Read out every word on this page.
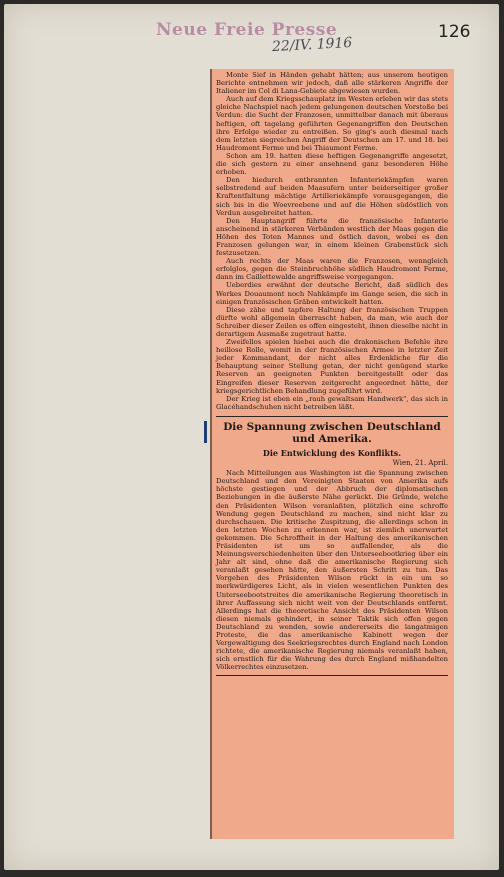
Neue Freie Presse	126
22/IV. 1916

Monte Sief in Händen gehabt hätten; aus unserem heutigen Berichte entnehmen wir jedoch, daß alle stärkeren Angriffe der Italiener im Col di Lana-Gebiete abgewiesen wurden.

Auch auf dem Kriegsschauplatz im Westen erleben wir das stets gleiche Nachspiel nach jedem gelungenen deutschen Vorstoße bei Verdun: die Sucht der Franzosen, unmittelbar danach mit überaus heftigen, oft tagelang geführten Gegenangriffen den Deutschen ihre Erfolge wieder zu entreißen. So ging's auch diesmal nach dem letzten siegreichen Angriff der Deutschen am 17. und 18. bei Haudromont Ferme und bei Thiaumont Ferme.

Schon am 19. hatten diese heftigen Gegenangriffe angesetzt, die sich gestern zu einer ansehnend ganz besonderen Höhe erhoben.

Den hiedurch entbrannten Infanteriekämpfen waren selbstredend auf beiden Maasufern unter beiderseitiger großer Kraftentfaltung mächtige Artilleriekämpfe vorausgegangen, die sich bis in die Woevreebene und auf die Höhen südöstlich von Verdun ausgebreitet hatten.

Den Hauptangriff führte die französische Infanterie anscheinend in stärkeren Verbänden westlich der Maas gegen die Höhen des Toten Mannes und östlich davon, wobei es den Franzosen gelungen war, in einem kleinen Grabenstück sich festzusetzen.

Auch rechts der Maas waren die Franzosen, wenngleich erfolglos, gegen die Steinbruchhöhe südlich Haudromont Ferme, dann im Caillettewalde angriffsweise vorgegangen.

Ueberdies erwähnt der deutsche Bericht, daß südlich des Werkes Douaumont noch Nahkämpfe im Gange seien, die sich in einigen französischen Gräben entwickelt hatten.

Diese zähe und tapfere Haltung der französischen Truppen dürfte wohl allgemein überrascht haben, da man, wie auch der Schreiber dieser Zeilen es offen eingesteht, ihnen dieselbe nicht in derartigem Ausmaße zugetraut hatte.

Zweifellos spielen hiebei auch die drakonischen Befehle ihre heillose Rolle, womit in der französischen Armee in letzter Zeit jeder Kommandant, der nicht alles Erdenkliche für die Behauptung seiner Stellung getan, der nicht genügend starke Reserven an geeigneten Punkten bereitgestellt oder das Eingreifen dieser Reserven zeitgerecht angeordnet hätte, der kriegsgerichtlichen Behandlung zugeführt wird.

Der Krieg ist eben ein „rauh gewaltsam Handwerk", das sich in Glacéhandschuhen nicht betreiben läßt.

Die Spannung zwischen Deutschland und Amerika.
Die Entwicklung des Konflikts.
Wien, 21. April.

Nach Mitteilungen aus Washington ist die Spannung zwischen Deutschland und den Vereinigten Staaten von Amerika aufs höchste gestiegen und der Abbruch der diplomatischen Beziehungen in die äußerste Nähe gerückt. Die Gründe, welche den Präsidenten Wilson veranlaßten, plötzlich eine schroffe Wendung gegen Deutschland zu machen, sind nicht klar zu durchschauen. Die kritische Zuspitzung, die allerdings schon in den letzten Wochen zu erkennen war, ist ziemlich unerwartet gekommen. Die Schroffheit in der Haltung des amerikanischen Präsidenten ist um so auffallender, als die Meinungsverschiedenheiten über den Unterseebootkrieg über ein Jahr alt sind, ohne daß die amerikanische Regierung sich veranlaßt gesehen hätte, den äußersten Schritt zu tun. Das Vorgehen des Präsidenten Wilson rückt in ein um so merkwürdigeres Licht, als in vielen wesentlichen Punkten des Unterseebootstreites die amerikanische Regierung theoretisch in ihrer Auffassung sich nicht weit von der Deutschlands entfernt. Allerdings hat die theoretische Ansicht des Präsidenten Wilson diesen niemals gehindert, in seiner Taktik sich offen gegen Deutschland zu wenden, sowie andererseits die langatmigen Proteste, die das amerikanische Kabinett wegen der Vergewaltigung des Seekriegsrechtes durch England nach London richtete, die amerikanische Regierung niemals veranlaßt haben, sich ernstlich für die Wahrung des durch England mißhandelten Völkerrechtes einzusetzen.
